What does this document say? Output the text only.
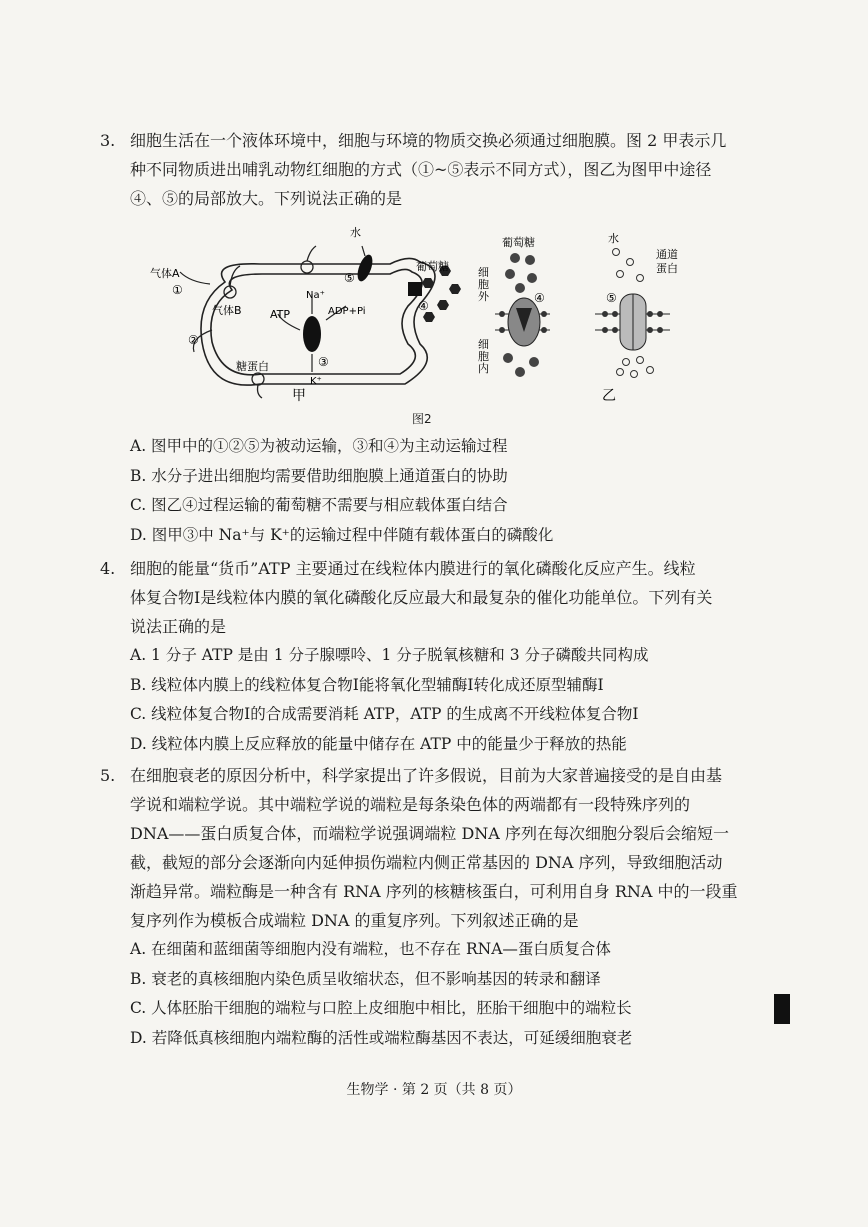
3. 细胞生活在一个液体环境中，细胞与环境的物质交换必须通过细胞膜。图 2 甲表示几

种不同物质进出哺乳动物红细胞的方式（①~⑤表示不同方式），图乙为图甲中途径

④、⑤的局部放大。下列说法正确的是

气体A
①
气体B
②
糖蛋白
水
⑤
葡萄糖
④
Na⁺
ATP	ADP+Pi
③
K⁺
甲
葡萄糖
细
胞
外	④
细
胞
内
水
⑤
通道
蛋白
乙
图2

A. 图甲中的①②⑤为被动运输，③和④为主动运输过程

B. 水分子进出细胞均需要借助细胞膜上通道蛋白的协助

C. 图乙④过程运输的葡萄糖不需要与相应载体蛋白结合

D. 图甲③中 Na⁺与 K⁺的运输过程中伴随有载体蛋白的磷酸化

4. 细胞的能量“货币”ATP 主要通过在线粒体内膜进行的氧化磷酸化反应产生。线粒

体复合物Ⅰ是线粒体内膜的氧化磷酸化反应最大和最复杂的催化功能单位。下列有关

说法正确的是

A. 1 分子 ATP 是由 1 分子腺嘌呤、1 分子脱氧核糖和 3 分子磷酸共同构成

B. 线粒体内膜上的线粒体复合物Ⅰ能将氧化型辅酶Ⅰ转化成还原型辅酶Ⅰ

C. 线粒体复合物Ⅰ的合成需要消耗 ATP，ATP 的生成离不开线粒体复合物Ⅰ

D. 线粒体内膜上反应释放的能量中储存在 ATP 中的能量少于释放的热能

5. 在细胞衰老的原因分析中，科学家提出了许多假说，目前为大家普遍接受的是自由基

学说和端粒学说。其中端粒学说的端粒是每条染色体的两端都有一段特殊序列的

DNA——蛋白质复合体，而端粒学说强调端粒 DNA 序列在每次细胞分裂后会缩短一

截，截短的部分会逐渐向内延伸损伤端粒内侧正常基因的 DNA 序列，导致细胞活动

渐趋异常。端粒酶是一种含有 RNA 序列的核糖核蛋白，可利用自身 RNA 中的一段重

复序列作为模板合成端粒 DNA 的重复序列。下列叙述正确的是

A. 在细菌和蓝细菌等细胞内没有端粒，也不存在 RNA—蛋白质复合体

B. 衰老的真核细胞内染色质呈收缩状态，但不影响基因的转录和翻译

C. 人体胚胎干细胞的端粒与口腔上皮细胞中相比，胚胎干细胞中的端粒长

D. 若降低真核细胞内端粒酶的活性或端粒酶基因不表达，可延缓细胞衰老

生物学 · 第 2 页（共 8 页）
